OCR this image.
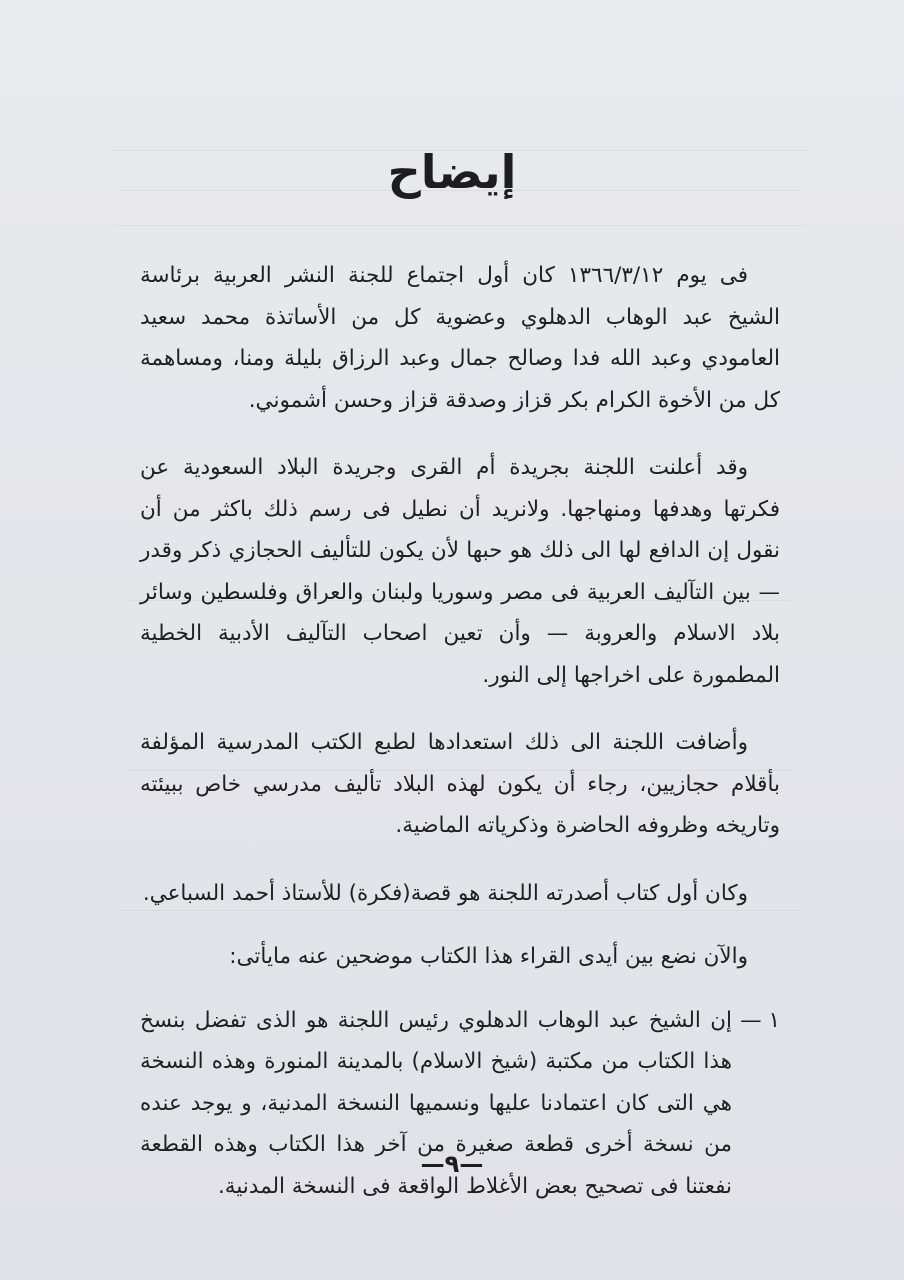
إيضاح

فى يوم ١٣٦٦/٣/١٢ كان أول اجتماع للجنة النشر العربية برئاسة الشيخ عبد الوهاب الدهلوي وعضوية كل من الأساتذة محمد سعيد العامودي وعبد الله فدا وصالح جمال وعبد الرزاق بليلة ومنا، ومساهمة كل من الأخوة الكرام بكر قزاز وصدقة قزاز وحسن أشموني.

وقد أعلنت اللجنة بجريدة أم القرى وجريدة البلاد السعودية عن فكرتها وهدفها ومنهاجها. ولانريد أن نطيل فى رسم ذلك باكثر من أن نقول إن الدافع لها الى ذلك هو حبها لأن يكون للتأليف الحجازي ذكر وقدر — بين التآليف العربية فى مصر وسوريا ولبنان والعراق وفلسطين وسائر بلاد الاسلام والعروبة — وأن تعين اصحاب التآليف الأدبية الخطية المطمورة على اخراجها إلى النور.

وأضافت اللجنة الى ذلك استعدادها لطبع الكتب المدرسية المؤلفة بأقلام حجازيين، رجاء أن يكون لهذه البلاد تأليف مدرسي خاص ببيئته وتاريخه وظروفه الحاضرة وذكرياته الماضية.

وكان أول كتاب أصدرته اللجنة هو قصة(فكرة) للأستاذ أحمد السباعي.

والآن نضع بين أيدى القراء هذا الكتاب موضحين عنه مايأتى:

١ —
إن الشيخ عبد الوهاب الدهلوي رئيس اللجنة هو الذى تفضل بنسخ هذا الكتاب من مكتبة (شيخ الاسلام) بالمدينة المنورة وهذه النسخة هي التى كان اعتمادنا عليها ونسميها النسخة المدنية، و يوجد عنده من نسخة أخرى قطعة صغيرة من آخر هذا الكتاب وهذه القطعة نفعتنا فى تصحيح بعض الأغلاط الواقعة فى النسخة المدنية.
—٩—
